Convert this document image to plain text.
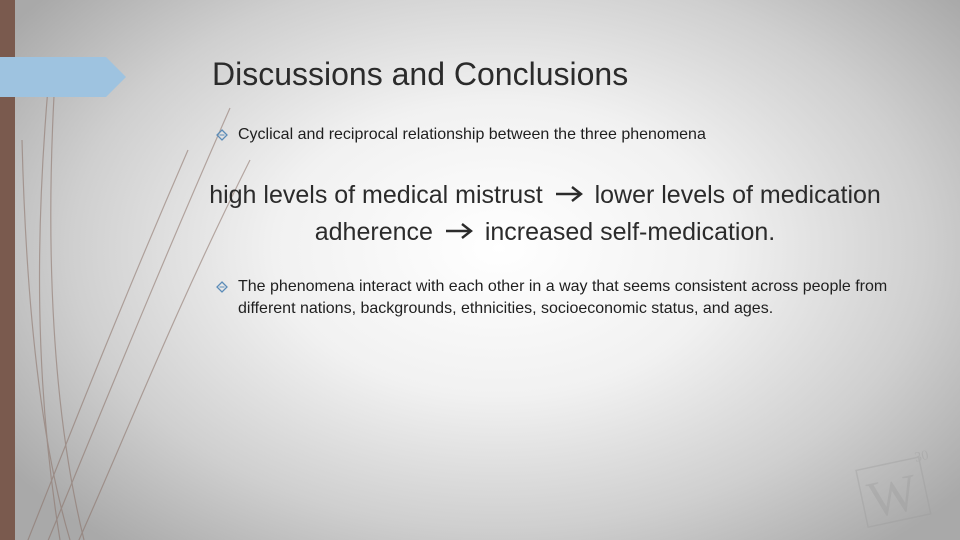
Discussions and Conclusions
Cyclical and reciprocal relationship between the three phenomena
high levels of medical mistrust lower levels of medication adherence increased self-medication.
The phenomena interact with each other in a way that seems consistent across people from different nations, backgrounds, ethnicities, socioeconomic status, and ages.
W
30
